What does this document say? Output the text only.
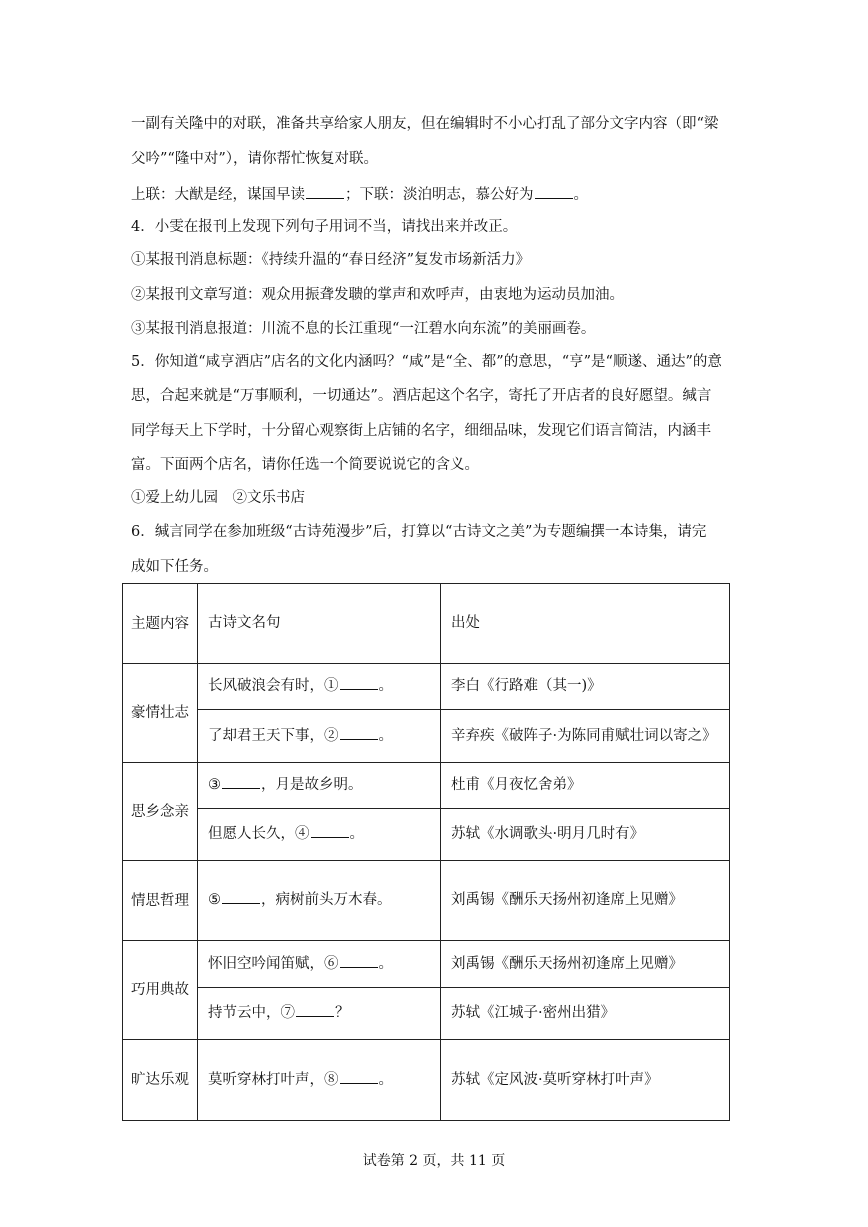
一副有关隆中的对联，准备共享给家人朋友，但在编辑时不小心打乱了部分文字内容（即“梁
父吟”“隆中对”），请你帮忙恢复对联。
上联：大猷是经，谋国早读	；下联：淡泊明志，慕公好为	。
4．小雯在报刊上发现下列句子用词不当，请找出来并改正。
①某报刊消息标题：《持续升温的“春日经济”复发市场新活力》
②某报刊文章写道：观众用振聋发聩的掌声和欢呼声，由衷地为运动员加油。
③某报刊消息报道：川流不息的长江重现“一江碧水向东流”的美丽画卷。
5．你知道“咸亨酒店”店名的文化内涵吗？“咸”是“全、都”的意思，“亨”是“顺遂、通达”的意
思，合起来就是“万事顺利，一切通达”。酒店起这个名字，寄托了开店者的良好愿望。缄言
同学每天上下学时，十分留心观察街上店铺的名字，细细品味，发现它们语言简洁，内涵丰
富。下面两个店名，请你任选一个简要说说它的含义。
①爱上幼儿园　②文乐书店
6．缄言同学在参加班级“古诗苑漫步”后，打算以“古诗文之美”为专题编撰一本诗集，请完
成如下任务。
主题内容	古诗文名句	出处
豪情壮志	长风破浪会有时，① 。	李白《行路难（其一)》
	了却君王天下事，② 。	辛弃疾《破阵子·为陈同甫赋壮词以寄之》
思乡念亲	③ ，月是故乡明。	杜甫《月夜忆舍弟》
	但愿人长久，④ 。	苏轼《水调歌头·明月几时有》
情思哲理	⑤ ，病树前头万木春。	刘禹锡《酬乐天扬州初逢席上见赠》
巧用典故	怀旧空吟闻笛赋，⑥ 。	刘禹锡《酬乐天扬州初逢席上见赠》
	持节云中，⑦ ？	苏轼《江城子·密州出猎》
旷达乐观	莫听穿林打叶声，⑧ 。	苏轼《定风波·莫听穿林打叶声》
试卷第 2 页，共 11 页
